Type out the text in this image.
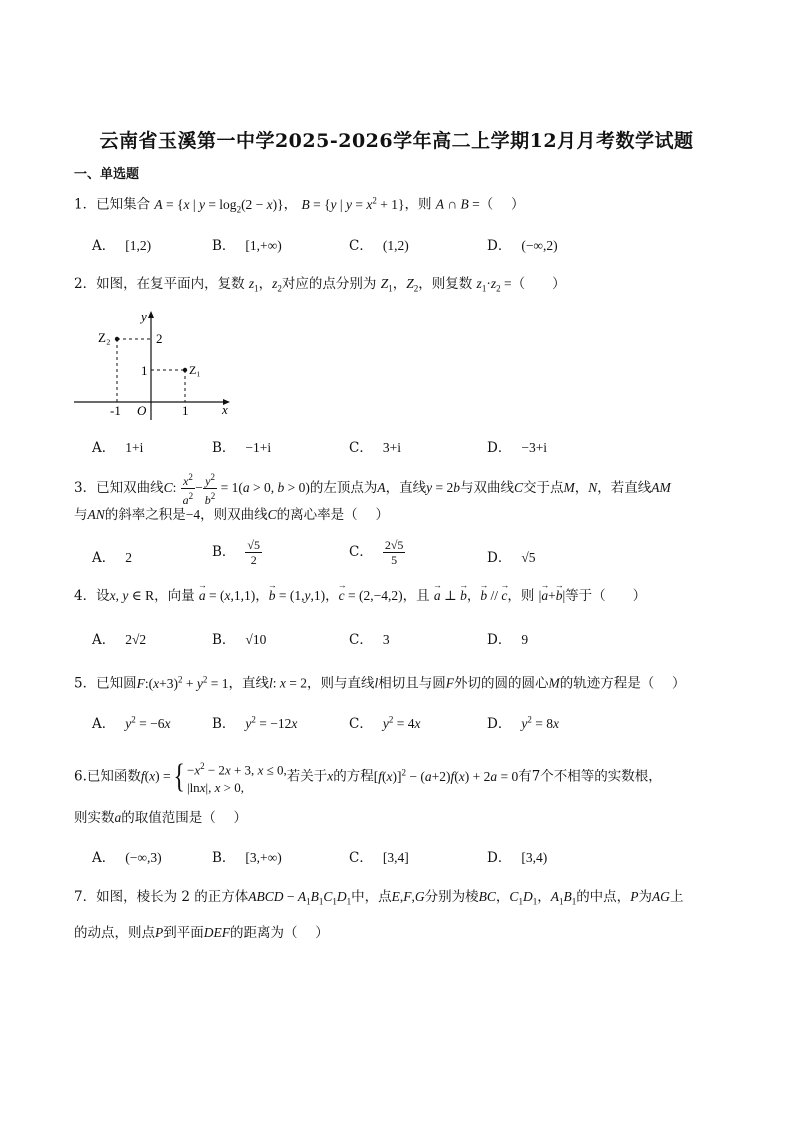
云南省玉溪第一中学2025-2026学年高二上学期12月月考数学试题
一、单选题
1．已知集合 A = {x | $y = \log_2(2 - x)$}， B = {y | $y = x^2 + 1$}，则 A ∩ B =（　 ）
A． [1,2)	B． [1,+∞)	C． (1,2)	D． (−∞,2)
2．如图，在复平面内，复数 $z_1$，$z_2$对应的点分别为 $Z_1$，$Z_2$，则复数 $z_1\cdot z_2$ =（　　）
Z₂
Z₁
y
x
O
2
1
-1	1
A． 1+i	B． −1+i	C． 3+i	D． −3+i
3．已知双曲线C: $\frac{x^2}{a^2} - \frac{y^2}{b^2} = 1(a > 0$, b > 0)的左顶点为A，直线y = 2b与双曲线C交于点M，N，若直线AM
与AN的斜率之积是−4，则双曲线C的离心率是（　 ）
A． 2	B． $\frac{√5}{2}$	C． $\frac{2√5}{5}$	D． √5
4．设x, y ∈ R，向量 → a = (x,1,1)，→ b = (1,y,1)，→ c = (2,−4,2)，且 → a ⊥ → b，→ b // → c，则 |→ a+→ b|等于（　　）
A． 2√2	B． √10	C． 3	D． 9
5．已知圆$F:(x+3)^2 + y^2 = 1$，直线l: x = 2，则与直线l相切且与圆F外切的圆的圆心M的轨迹方程是（　 ）
A． $y^2 = -6x$	B． $y^2 = -12x$	C． $y^2 = 4x$	D． $y^2 = 8x$
6.已知函数f(x) ={ $-x^2 - 2x + 3$, x ≤ 0,
|lnx|, x > 0,
若关于x的方程$[f(x)]^2 - (a+2)f(x) + 2a = 0$有7个不相等的实数根，
则实数a的取值范围是（　 ）
A． (−∞,3)	B． [3,+∞)	C． [3,4]	D． [3,4)
7．如图，棱长为 2 的正方体ABCD − $A_1B_1C_1D_1$中，点E,F,G分别为棱BC，$C_1D_1$，$A_1B_1$的中点，P为AG上
的动点，则点P到平面DEF的距离为（　 ）
